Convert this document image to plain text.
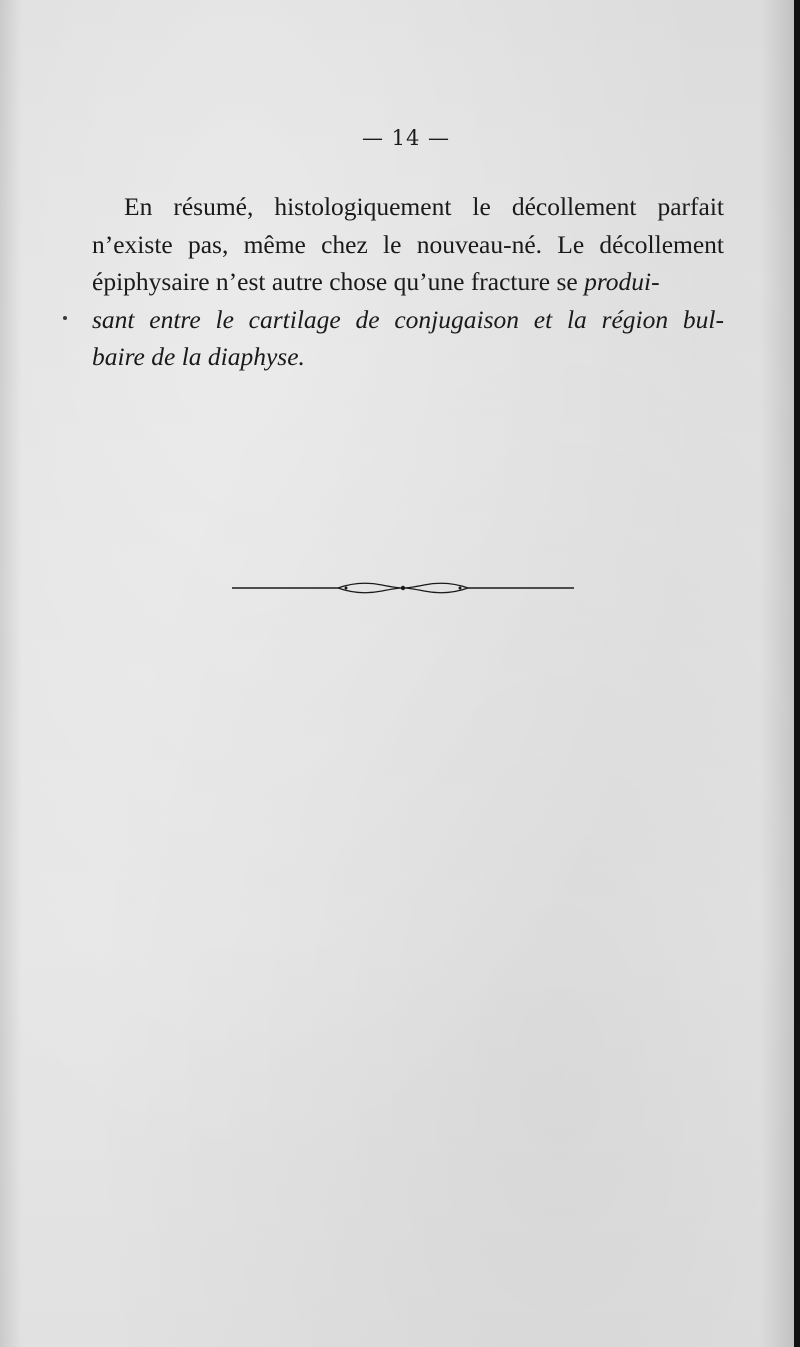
— 14 —
En résumé, histologiquement le décollement parfait
n’existe pas, même chez le nouveau-né. Le décollement
épiphysaire n’est autre chose qu’une fracture se produi-
sant entre le cartilage de conjugaison et la région bul-
baire de la diaphyse.
